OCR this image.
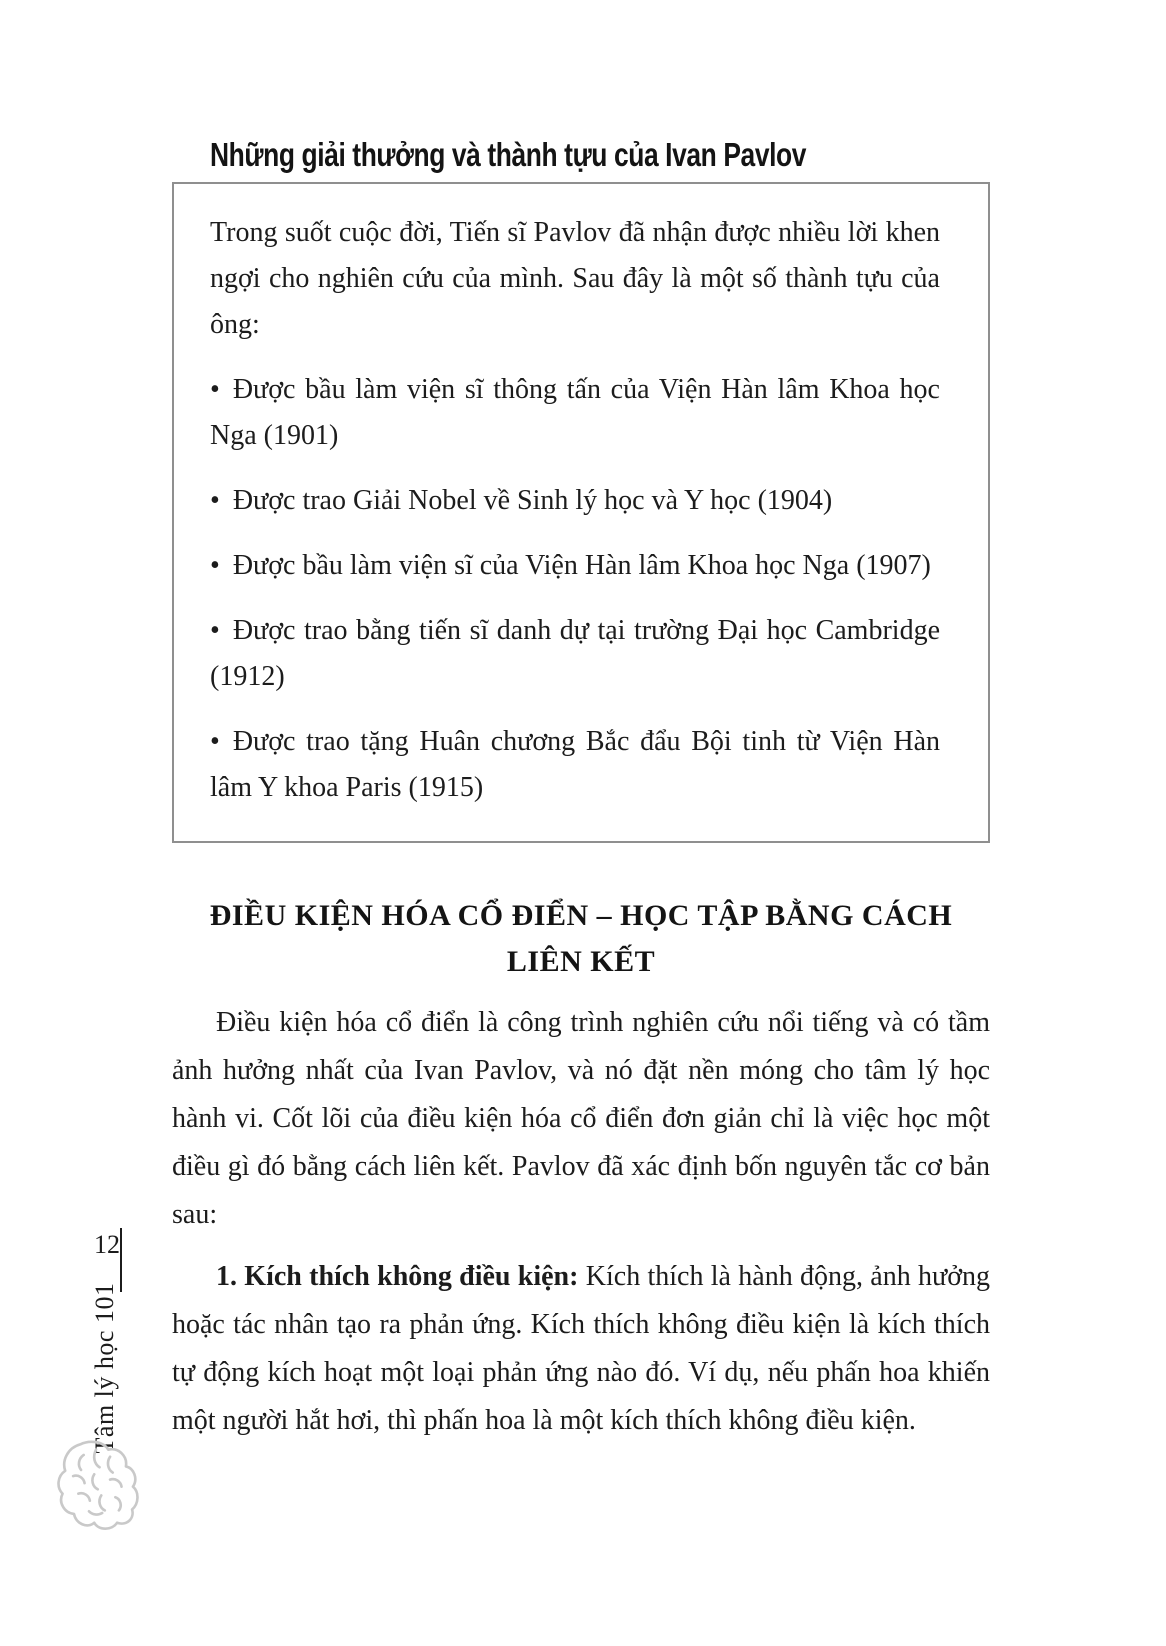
Những giải thưởng và thành tựu của Ivan Pavlov

Trong suốt cuộc đời, Tiến sĩ Pavlov đã nhận được nhiều lời khen ngợi cho nghiên cứu của mình. Sau đây là một số thành tựu của ông:

• Được bầu làm viện sĩ thông tấn của Viện Hàn lâm Khoa học Nga (1901)

• Được trao Giải Nobel về Sinh lý học và Y học (1904)

• Được bầu làm viện sĩ của Viện Hàn lâm Khoa học Nga (1907)

• Được trao bằng tiến sĩ danh dự tại trường Đại học Cambridge (1912)

• Được trao tặng Huân chương Bắc đẩu Bội tinh từ Viện Hàn lâm Y khoa Paris (1915)

ĐIỀU KIỆN HÓA CỔ ĐIỂN – HỌC TẬP BẰNG CÁCH LIÊN KẾT

Điều kiện hóa cổ điển là công trình nghiên cứu nổi tiếng và có tầm ảnh hưởng nhất của Ivan Pavlov, và nó đặt nền móng cho tâm lý học hành vi. Cốt lõi của điều kiện hóa cổ điển đơn giản chỉ là việc học một điều gì đó bằng cách liên kết. Pavlov đã xác định bốn nguyên tắc cơ bản sau:

1. Kích thích không điều kiện: Kích thích là hành động, ảnh hưởng hoặc tác nhân tạo ra phản ứng. Kích thích không điều kiện là kích thích tự động kích hoạt một loại phản ứng nào đó. Ví dụ, nếu phấn hoa khiến một người hắt hơi, thì phấn hoa là một kích thích không điều kiện.

12
Tâm lý học 101
